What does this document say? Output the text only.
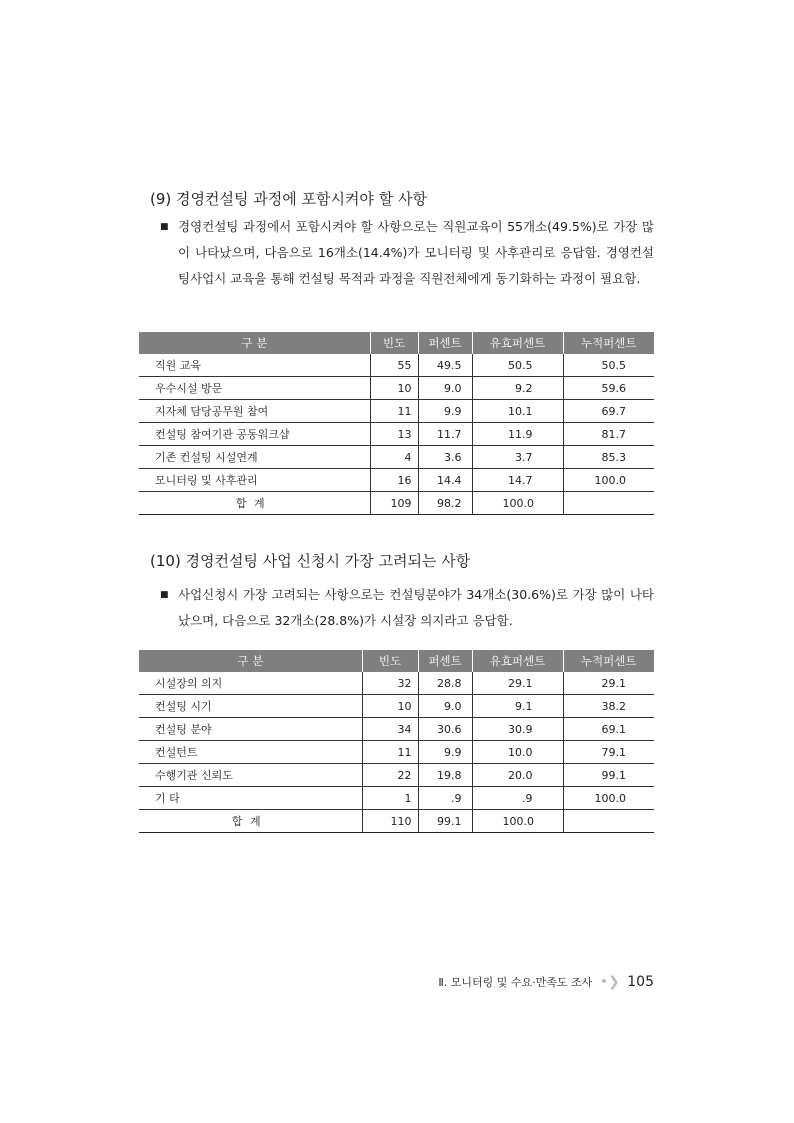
(9) 경영컨설팅 과정에 포함시켜야 할 사항
■ 경영컨설팅 과정에서 포함시켜야 할 사항으로는 직원교육이 55개소(49.5%)로 가장 많이 나타났으며, 다음으로 16개소(14.4%)가 모니터링 및 사후관리로 응답함. 경영컨설팅사업시 교육을 통해 컨설팅 목적과 과정을 직원전체에게 동기화하는 과정이 필요함.
구 분	빈도	퍼센트	유효퍼센트	누적퍼센트
직원 교육	55	49.5	50.5	50.5
우수시설 방문	10	9.0	9.2	59.6
지자체 담당공무원 참여	11	9.9	10.1	69.7
컨설팅 참여기관 공동워크샵	13	11.7	11.9	81.7
기존 컨설팅 시설연계	4	3.6	3.7	85.3
모니터링 및 사후관리	16	14.4	14.7	100.0
합 계	109	98.2	100.0	
(10) 경영컨설팅 사업 신청시 가장 고려되는 사항
■ 사업신청시 가장 고려되는 사항으로는 컨설팅분야가 34개소(30.6%)로 가장 많이 나타났으며, 다음으로 32개소(28.8%)가 시설장 의지라고 응답함.
구 분	빈도	퍼센트	유효퍼센트	누적퍼센트
시설장의 의지	32	28.8	29.1	29.1
컨설팅 시기	10	9.0	9.1	38.2
컨설팅 분야	34	30.6	30.9	69.1
컨설턴트	11	9.9	10.0	79.1
수행기관 신뢰도	22	19.8	20.0	99.1
기 타	1	.9	.9	100.0
합 계	110	99.1	100.0	
Ⅱ. 모니터링 및 수요·만족도 조사 •❯ 105
